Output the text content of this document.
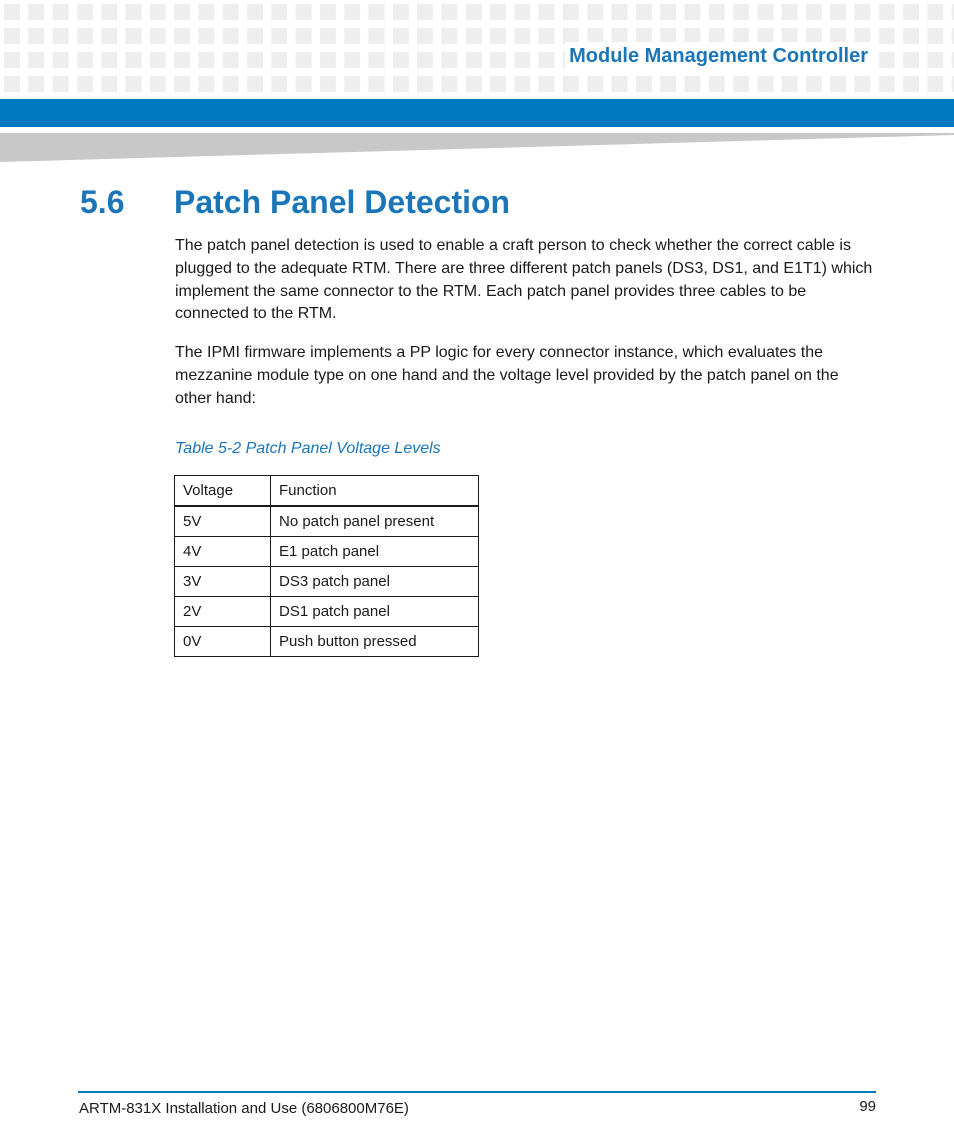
Module Management Controller
5.6 Patch Panel Detection

The patch panel detection is used to enable a craft person to check whether the correct cable is plugged to the adequate RTM. There are three different patch panels (DS3, DS1, and E1T1) which implement the same connector to the RTM. Each patch panel provides three cables to be connected to the RTM.

The IPMI firmware implements a PP logic for every connector instance, which evaluates the mezzanine module type on one hand and the voltage level provided by the patch panel on the other hand:

Table 5-2 Patch Panel Voltage Levels
Voltage	Function
5V	No patch panel present
4V	E1 patch panel
3V	DS3 patch panel
2V	DS1 patch panel
0V	Push button pressed
ARTM-831X Installation and Use (6806800M76E)	99
